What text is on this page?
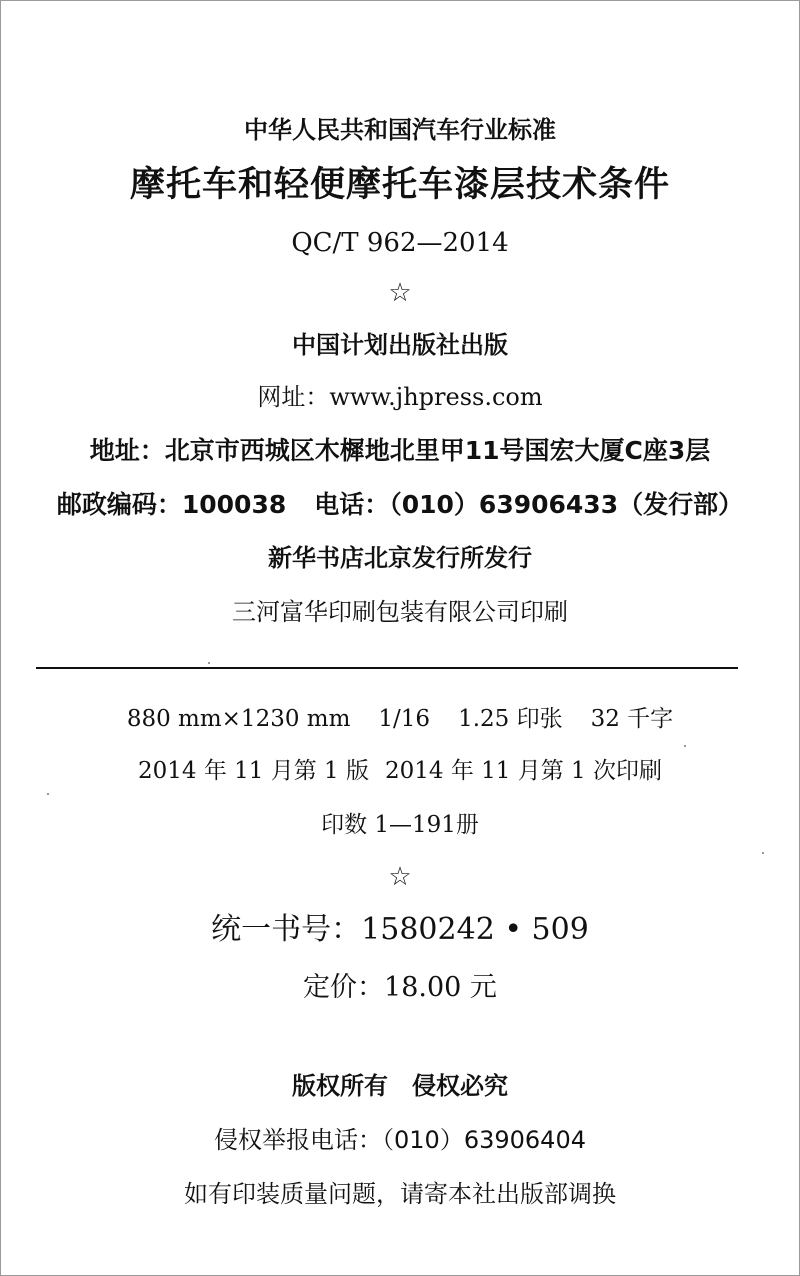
中华人民共和国汽车行业标准
摩托车和轻便摩托车漆层技术条件
QC/T 962—2014
☆
中国计划出版社出版
网址：www.jhpress.com
地址：北京市西城区木樨地北里甲11号国宏大厦C座3层
邮政编码：100038 电话：（010）63906433（发行部）
新华书店北京发行所发行
三河富华印刷包装有限公司印刷
880 mm×1230 mm 1/16 1.25 印张 32 千字
2014 年 11 月第 1 版 2014 年 11 月第 1 次印刷
印数 1—191册
☆
统一书号：1580242 • 509
定价：18.00 元
版权所有　侵权必究
侵权举报电话：（010）63906404
如有印装质量问题，请寄本社出版部调换
